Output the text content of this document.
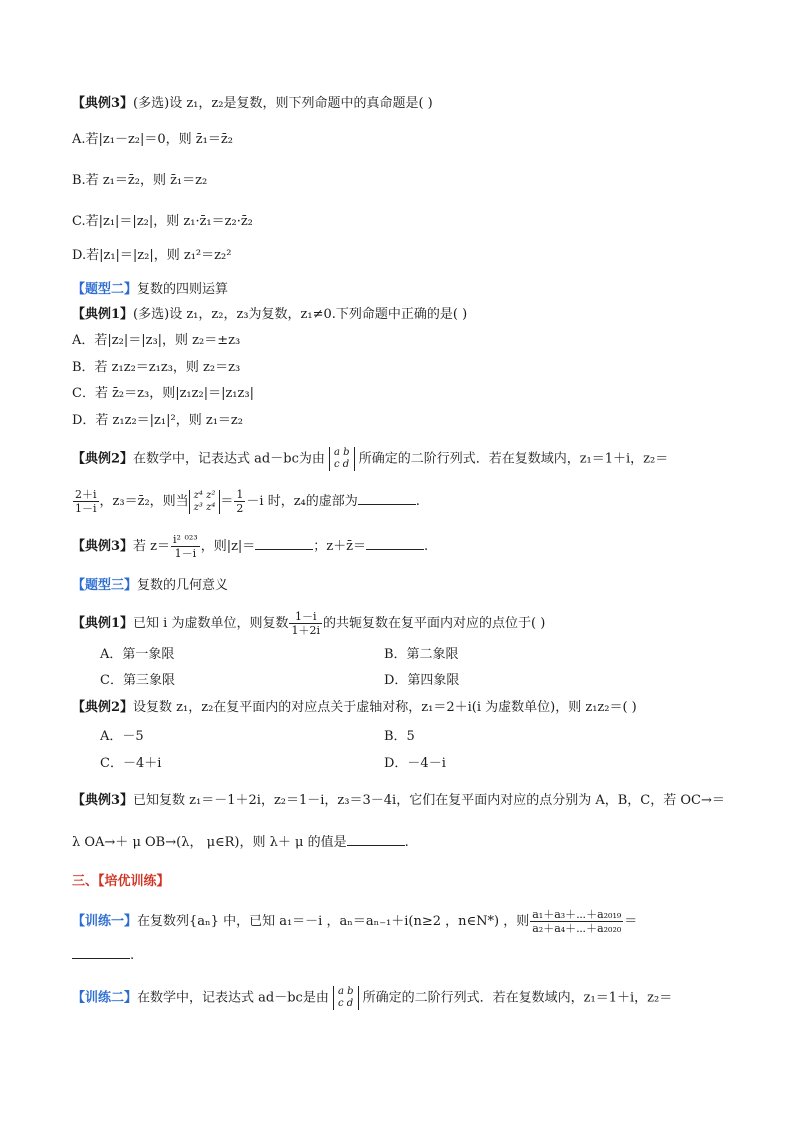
【典例3】(多选)设 z₁，z₂是复数，则下列命题中的真命题是( )
A.若|z₁－z₂|＝0，则 z̄₁＝z̄₂
B.若 z₁＝z̄₂，则 z̄₁＝z₂
C.若|z₁|＝|z₂|，则 z₁·z̄₁＝z₂·z̄₂
D.若|z₁|＝|z₂|，则 z₁²＝z₂²
【题型二】复数的四则运算
【典例1】(多选)设 z₁，z₂，z₃为复数，z₁≠0.下列命题中正确的是( )
A．若|z₂|＝|z₃|，则 z₂＝±z₃
B．若 z₁z₂＝z₁z₃，则 z₂＝z₃
C．若 z̄₂＝z₃，则|z₁z₂|＝|z₁z₃|
D．若 z₁z₂＝|z₁|²，则 z₁＝z₂
【典例2】在数学中，记表达式 ad－bc为由 a b
c d 所确定的二阶行列式．若在复数域内，z₁＝1＋i，z₂＝
$\frac{2+i}{1-i}$ ，z₃＝z̄₂，则当 z⁴ z²
z³ $z^4 = \frac{1}{2} -i$ 时，z₄的虚部为	.
【典例3】若 $z= \frac{\text{i² ⁰²³}}{1-i}$ ，则|z|＝	；z＋z̄＝	.
【题型三】复数的几何意义
【典例1】已知 i 为虚数单位，则复数 $\frac{1-i}{1+2i}$ 的共轭复数在复平面内对应的点位于( )
A．第一象限	B．第二象限
C．第三象限	D．第四象限
【典例2】设复数 z₁，z₂在复平面内的对应点关于虚轴对称，z₁＝2＋i(i 为虚数单位)，则 z₁z₂＝( )
A．－5	B．5
C．－4＋i	D．－4－i
【典例3】已知复数 z₁＝－1＋2i，z₂＝1－i，z₃＝3－4i，它们在复平面内对应的点分别为 A，B，C，若 OC→＝
λ OA→＋ μ OB→(λ， μ∈R)，则 λ＋ μ 的值是	.
三、【培优训练】
【训练一】在复数列{aₙ} 中，已知 a₁＝－i ，aₙ＝aₙ₋₁＋i(n≥2 ，n∈N*) ，则 $\frac{\text{a₁＋a₃＋⋯＋a₂₀₁₉}}{\text{a₂＋a₄＋⋯＋a₂₀₂₀}}$ ＝
.
【训练二】在数学中，记表达式 ad－bc是由 a b
c d 所确定的二阶行列式．若在复数域内，z₁＝1＋i，z₂＝
